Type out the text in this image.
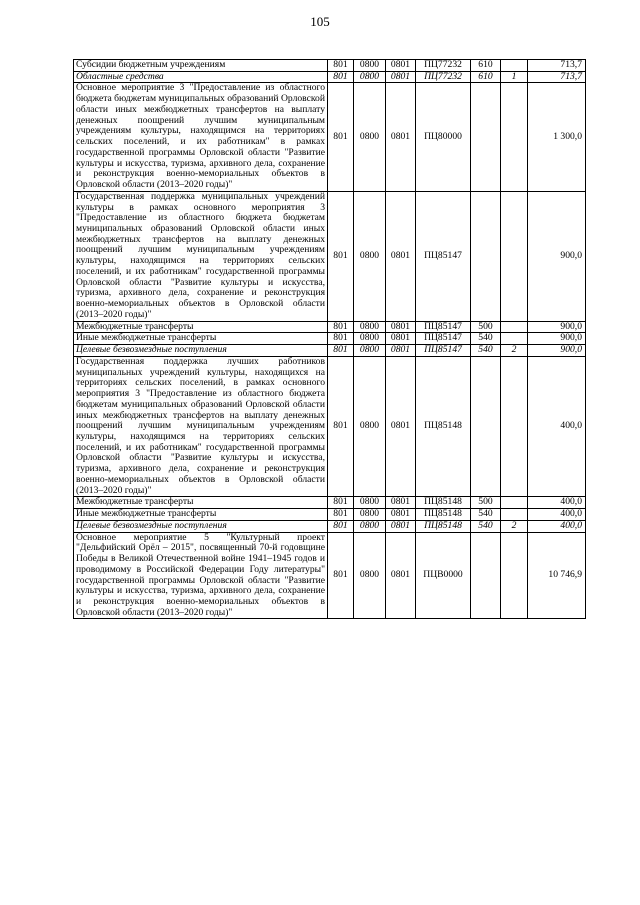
105
Субсидии бюджетным учреждениям	801	0800	0801	ПЦ77232	610		713,7
Областные средства	801	0800	0801	ПЦ77232	610	1	713,7
Основное мероприятие 3 "Предоставление из областного бюджета бюджетам муниципальных образований Орловской области иных межбюджетных трансфертов на выплату денежных поощрений лучшим муниципальным учреждениям культуры, находящимся на территориях сельских поселений, и их работникам" в рамках государственной программы Орловской области "Развитие культуры и искусства, туризма, архивного дела, сохранение и реконструкция военно-мемориальных объектов в Орловской области (2013–2020 годы)"	801	0800	0801	ПЦ80000			1 300,0
Государственная поддержка муниципальных учреждений культуры в рамках основного мероприятия 3 "Предоставление из областного бюджета бюджетам муниципальных образований Орловской области иных межбюджетных трансфертов на выплату денежных поощрений лучшим муниципальным учреждениям культуры, находящимся на территориях сельских поселений, и их работникам" государственной программы Орловской области "Развитие культуры и искусства, туризма, архивного дела, сохранение и реконструкция военно-мемориальных объектов в Орловской области (2013–2020 годы)"	801	0800	0801	ПЦ85147			900,0
Межбюджетные трансферты	801	0800	0801	ПЦ85147	500		900,0
Иные межбюджетные трансферты	801	0800	0801	ПЦ85147	540		900,0
Целевые безвозмездные поступления	801	0800	0801	ПЦ85147	540	2	900,0
Государственная поддержка лучших работников муниципальных учреждений культуры, находящихся на территориях сельских поселений, в рамках основного мероприятия 3 "Предоставление из областного бюджета бюджетам муниципальных образований Орловской области иных межбюджетных трансфертов на выплату денежных поощрений лучшим муниципальным учреждениям культуры, находящимся на территориях сельских поселений, и их работникам" государственной программы Орловской области "Развитие культуры и искусства, туризма, архивного дела, сохранение и реконструкция военно-мемориальных объектов в Орловской области (2013–2020 годы)"	801	0800	0801	ПЦ85148			400,0
Межбюджетные трансферты	801	0800	0801	ПЦ85148	500		400,0
Иные межбюджетные трансферты	801	0800	0801	ПЦ85148	540		400,0
Целевые безвозмездные поступления	801	0800	0801	ПЦ85148	540	2	400,0
Основное мероприятие 5 "Культурный проект "Дельфийский Орёл – 2015", посвященный 70-й годовщине Победы в Великой Отечественной войне 1941–1945 годов и проводимому в Российской Федерации Году литературы" государственной программы Орловской области "Развитие культуры и искусства, туризма, архивного дела, сохранение и реконструкция военно-мемориальных объектов в Орловской области (2013–2020 годы)"	801	0800	0801	ПЦВ0000			10 746,9
